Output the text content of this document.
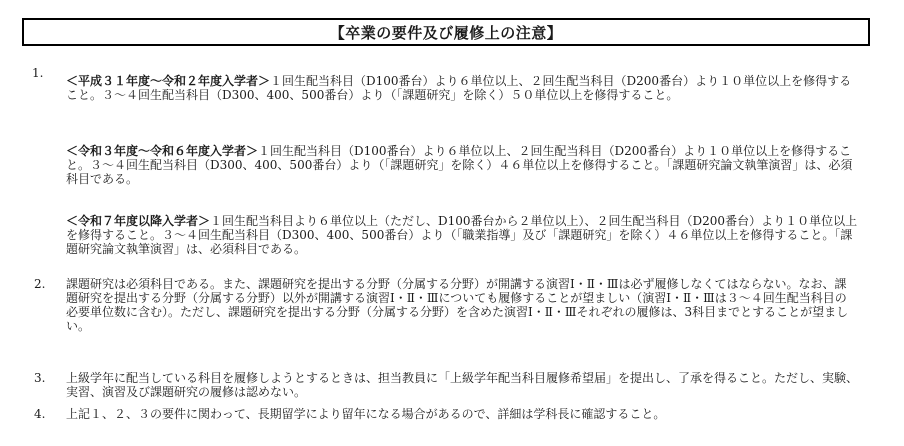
【卒業の要件及び履修上の注意】
1.
＜平成３１年度～令和２年度入学者＞１回生配当科目（D100番台）より６単位以上、２回生配当科目（D200番台）より１０単位以上を修得すること。３～４回生配当科目（D300、400、500番台）より（「課題研究」を除く）５０単位以上を修得すること。
＜令和３年度～令和６年度入学者＞１回生配当科目（D100番台）より６単位以上、２回生配当科目（D200番台）より１０単位以上を修得すること。３～４回生配当科目（D300、400、500番台）より（「課題研究」を除く）４６単位以上を修得すること。「課題研究論文執筆演習」は、必須科目である。
＜令和７年度以降入学者＞１回生配当科目より６単位以上（ただし、D100番台から２単位以上）、２回生配当科目（D200番台）より１０単位以上を修得すること。３～４回生配当科目（D300、400、500番台）より（「職業指導」及び「課題研究」を除く）４６単位以上を修得すること。「課題研究論文執筆演習」は、必須科目である。
2. 課題研究は必須科目である。また、課題研究を提出する分野（分属する分野）が開講する演習Ⅰ・Ⅱ・Ⅲは必ず履修しなくてはならない。なお、課題研究を提出する分野（分属する分野）以外が開講する演習Ⅰ・Ⅱ・Ⅲについても履修することが望ましい（演習Ⅰ・Ⅱ・Ⅲは３～４回生配当科目の必要単位数に含む）。ただし、課題研究を提出する分野（分属する分野）を含めた演習Ⅰ・Ⅱ・Ⅲそれぞれの履修は、3科目までとすることが望ましい。
3. 上級学年に配当している科目を履修しようとするときは、担当教員に「上級学年配当科目履修希望届」を提出し、了承を得ること。ただし、実験、実習、演習及び課題研究の履修は認めない。
4. 上記１、２、３の要件に関わって、長期留学により留年になる場合があるので、詳細は学科長に確認すること。
